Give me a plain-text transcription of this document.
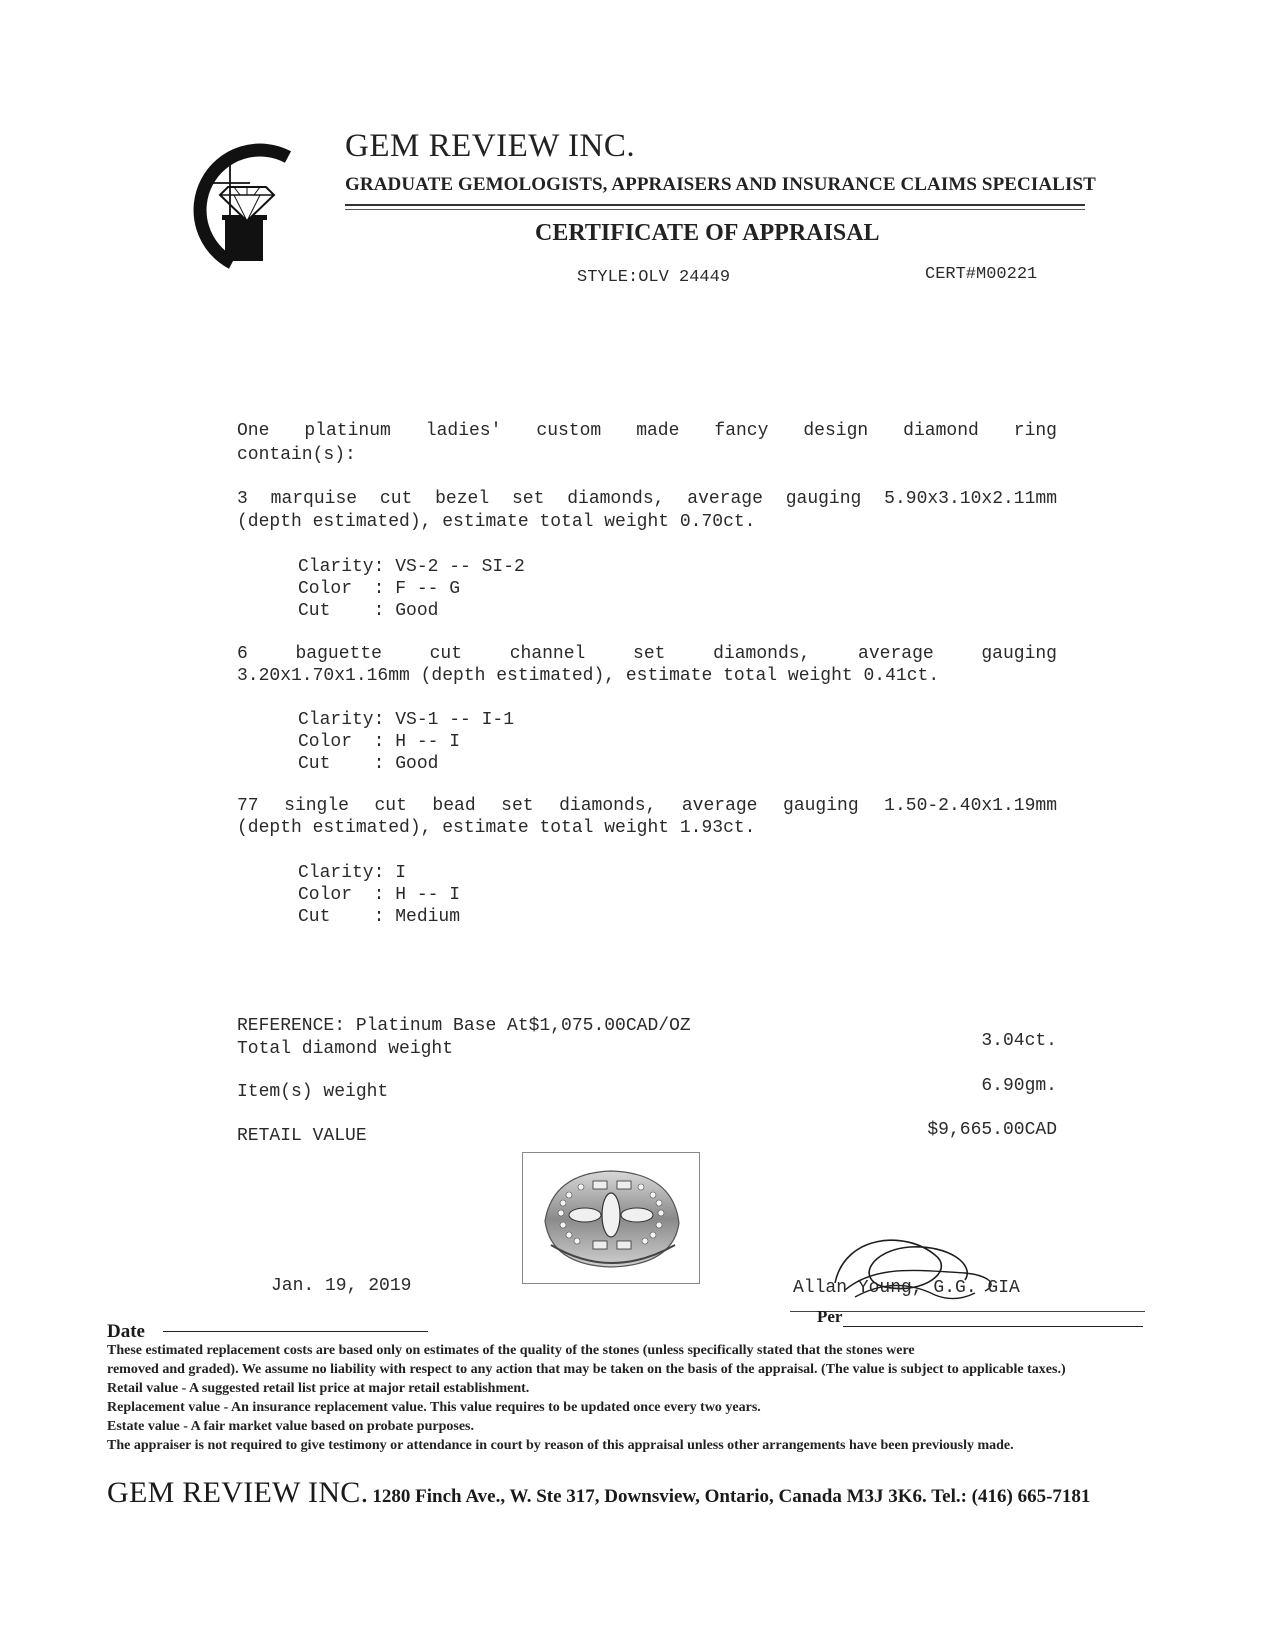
GEM REVIEW INC.
GRADUATE GEMOLOGISTS, APPRAISERS AND INSURANCE CLAIMS SPECIALIST
CERTIFICATE OF APPRAISAL
STYLE:OLV 24449	CERT#M00221
One platinum ladies' custom made fancy design diamond ring
contain(s):
3 marquise cut bezel set diamonds, average gauging 5.90x3.10x2.11mm
(depth estimated), estimate total weight 0.70ct.
Clarity: VS-2 -- SI-2
Color  : F -- G
Cut    : Good
6 baguette cut channel set diamonds, average gauging
3.20x1.70x1.16mm (depth estimated), estimate total weight 0.41ct.
Clarity: VS-1 -- I-1
Color  : H -- I
Cut    : Good
77 single cut bead set diamonds, average gauging 1.50-2.40x1.19mm
(depth estimated), estimate total weight 1.93ct.
Clarity: I
Color  : H -- I
Cut    : Medium
REFERENCE: Platinum Base At$1,075.00CAD/OZ
Total diamond weight	3.04ct.
Item(s) weight	6.90gm.
RETAIL VALUE	$9,665.00CAD
Jan. 19, 2019
Date
Allan Young, G.G. GIA
Per
These estimated replacement costs are based only on estimates of the quality of the stones (unless specifically stated that the stones were
removed and graded). We assume no liability with respect to any action that may be taken on the basis of the appraisal. (The value is subject to applicable taxes.)
Retail value - A suggested retail list price at major retail establishment.
Replacement value - An insurance replacement value. This value requires to be updated once every two years.
Estate value - A fair market value based on probate purposes.
The appraiser is not required to give testimony or attendance in court by reason of this appraisal unless other arrangements have been previously made.
GEM REVIEW INC. 1280 Finch Ave., W. Ste 317, Downsview, Ontario, Canada M3J 3K6. Tel.: (416) 665-7181
